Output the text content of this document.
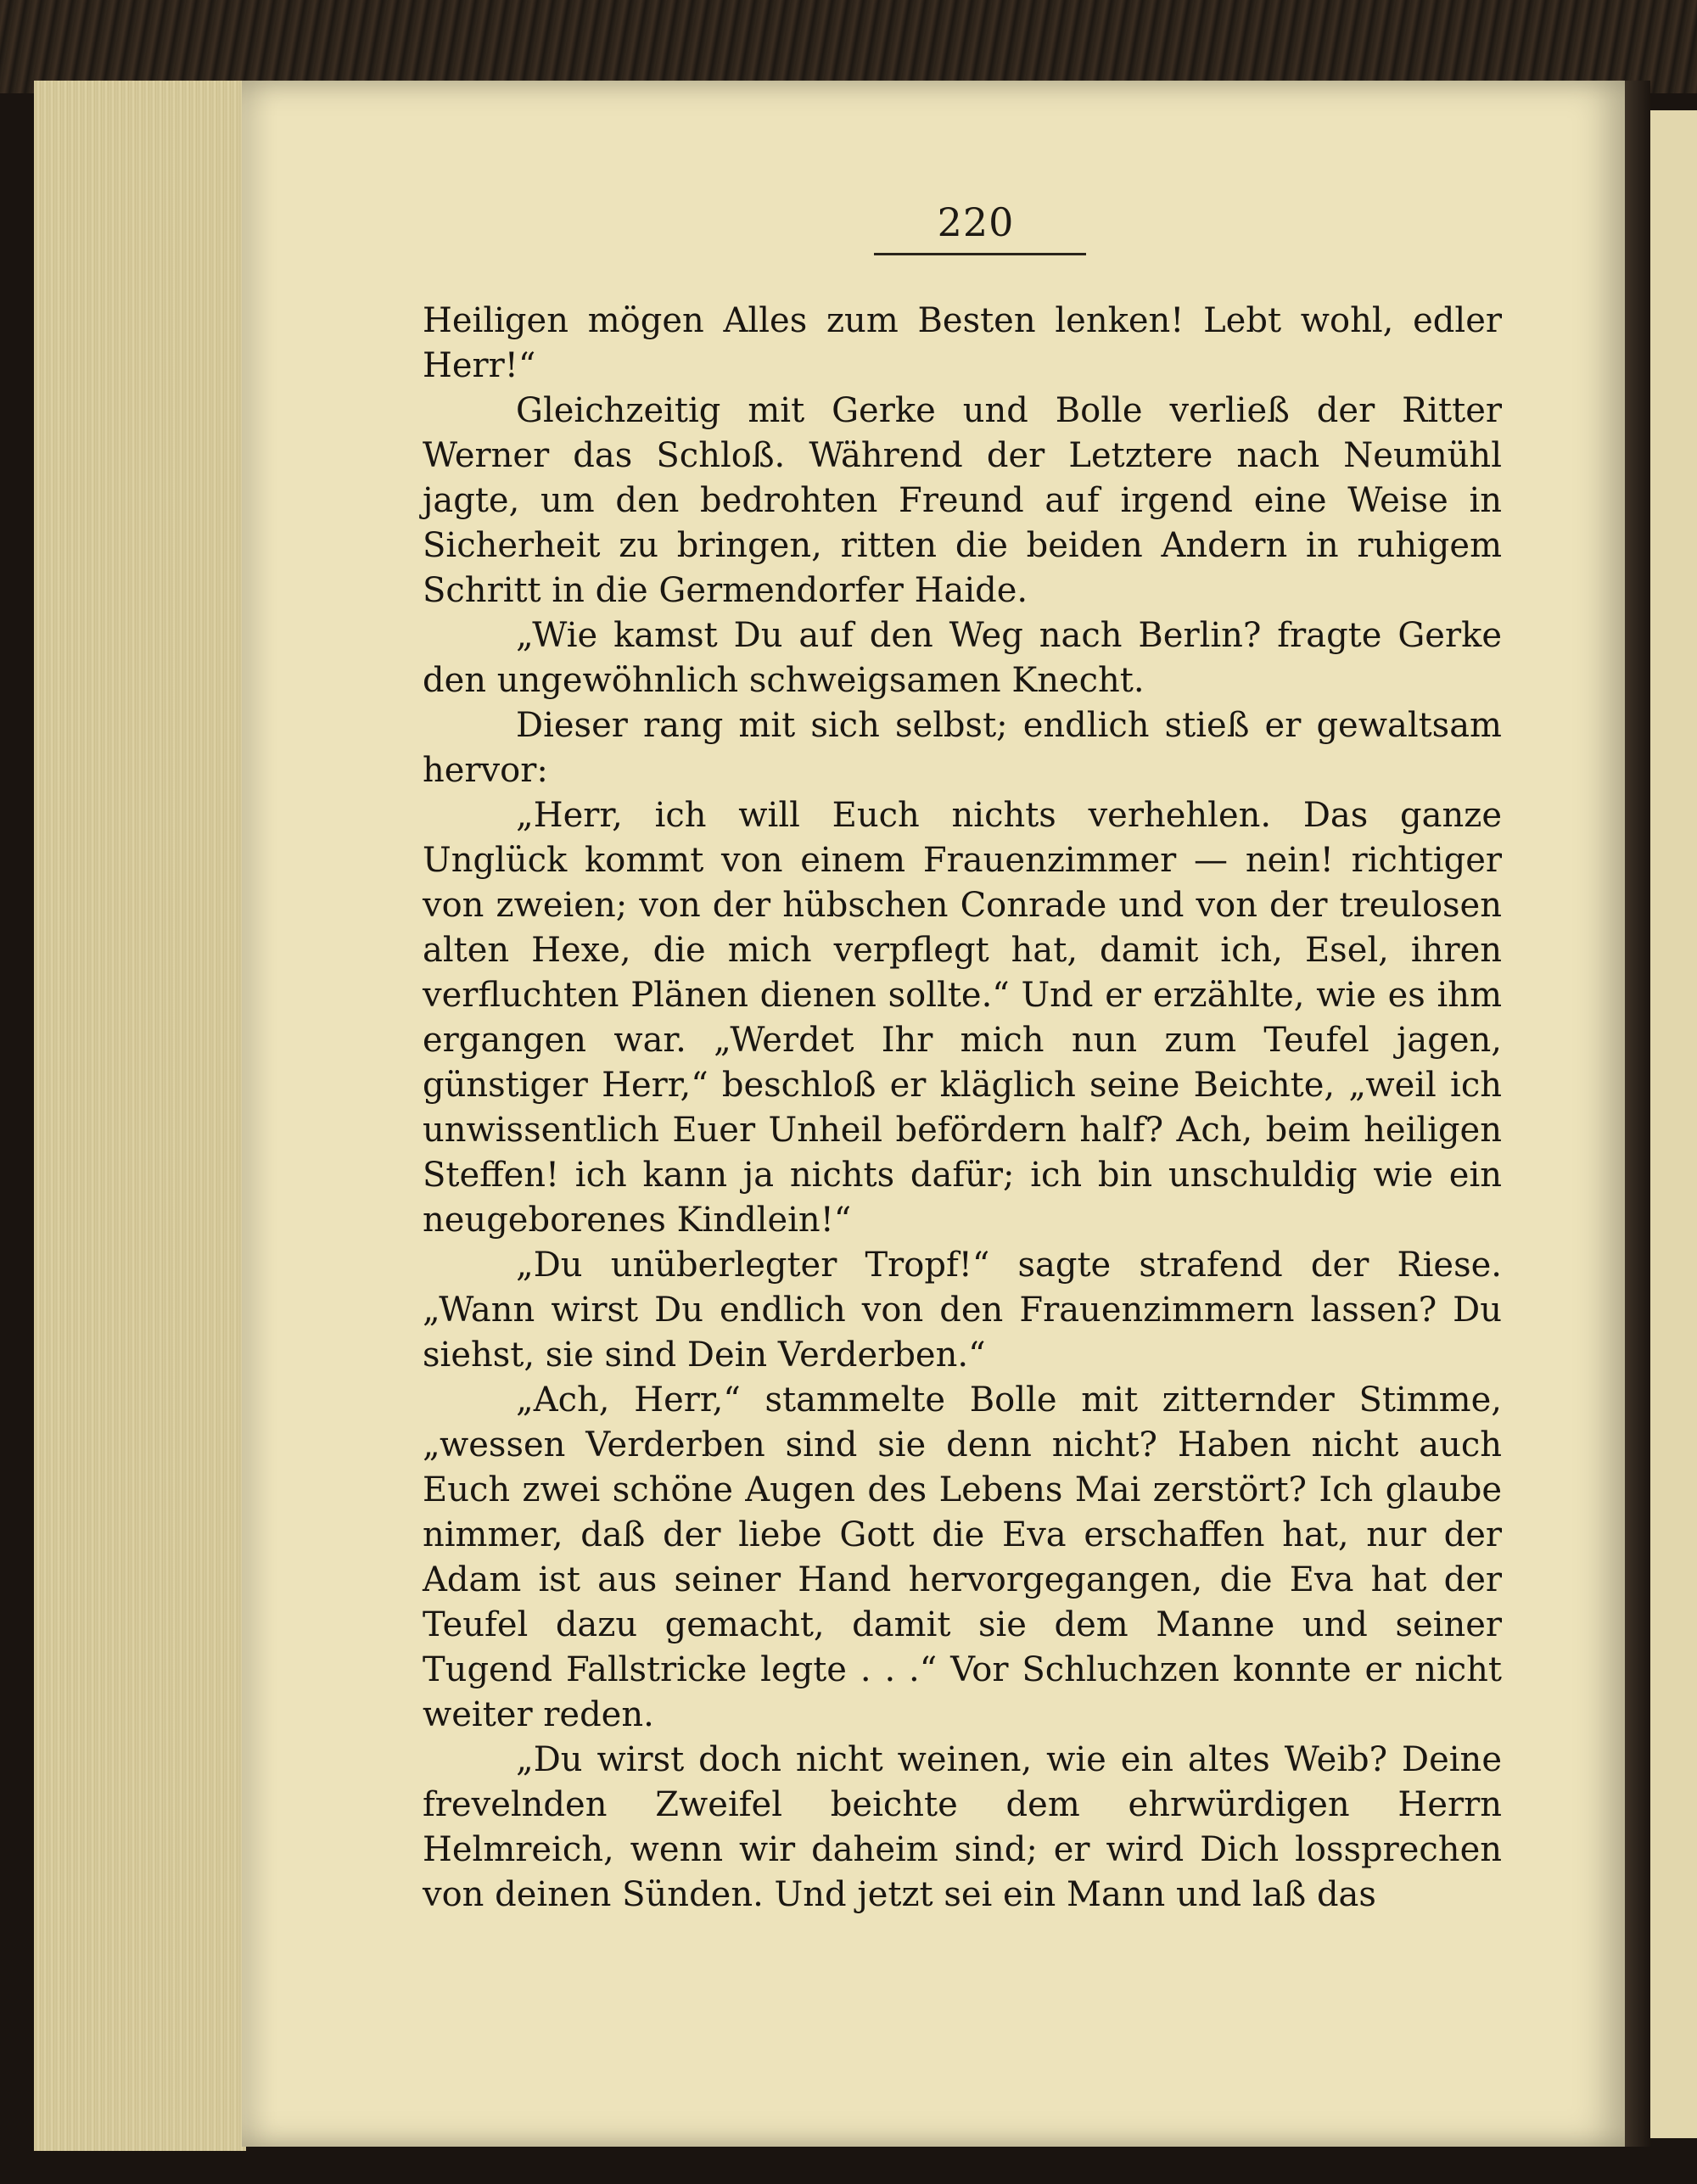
220

Heiligen mögen Alles zum Besten lenken! Lebt wohl, edler Herr!“

Gleichzeitig mit Gerke und Bolle verließ der Ritter Werner das Schloß. Während der Letztere nach Neumühl jagte, um den bedrohten Freund auf irgend eine Weise in Sicherheit zu bringen, ritten die beiden Andern in ruhigem Schritt in die Germendorfer Haide.

„Wie kamst Du auf den Weg nach Berlin? fragte Gerke den ungewöhnlich schweigsamen Knecht.

Dieser rang mit sich selbst; endlich stieß er gewaltsam hervor:

„Herr, ich will Euch nichts verhehlen. Das ganze Unglück kommt von einem Frauenzimmer — nein! richtiger von zweien; von der hübschen Conrade und von der treulosen alten Hexe, die mich verpflegt hat, damit ich, Esel, ihren verfluchten Plänen dienen sollte.“ Und er erzählte, wie es ihm ergangen war. „Werdet Ihr mich nun zum Teufel jagen, günstiger Herr,“ beschloß er kläglich seine Beichte, „weil ich unwissentlich Euer Unheil befördern half? Ach, beim heiligen Steffen! ich kann ja nichts dafür; ich bin unschuldig wie ein neugeborenes Kindlein!“

„Du unüberlegter Tropf!“ sagte strafend der Riese. „Wann wirst Du endlich von den Frauenzimmern lassen? Du siehst, sie sind Dein Verderben.“

„Ach, Herr,“ stammelte Bolle mit zitternder Stimme, „wessen Verderben sind sie denn nicht? Haben nicht auch Euch zwei schöne Augen des Lebens Mai zerstört? Ich glaube nimmer, daß der liebe Gott die Eva erschaffen hat, nur der Adam ist aus seiner Hand hervorgegangen, die Eva hat der Teufel dazu gemacht, damit sie dem Manne und seiner Tugend Fallstricke legte . . .“ Vor Schluchzen konnte er nicht weiter reden.

„Du wirst doch nicht weinen, wie ein altes Weib? Deine frevelnden Zweifel beichte dem ehrwürdigen Herrn Helmreich, wenn wir daheim sind; er wird Dich lossprechen von deinen Sünden. Und jetzt sei ein Mann und laß das
